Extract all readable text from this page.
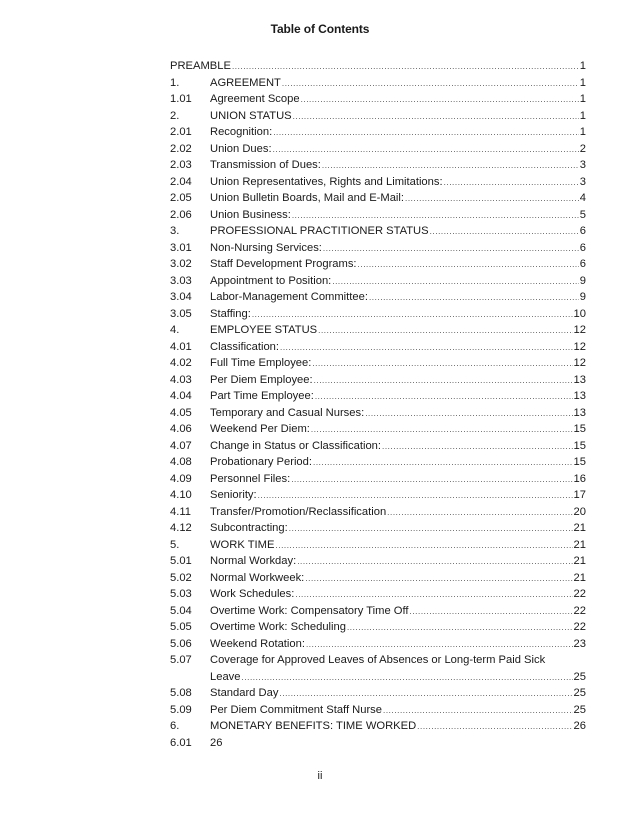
Table of Contents
PREAMBLE .....	1
1.	AGREEMENT .....	1
1.01	Agreement Scope .....	1
2.	UNION STATUS .....	1
2.01	Recognition: .....	1
2.02	Union Dues: .....	2
2.03	Transmission of Dues: .....	3
2.04	Union Representatives, Rights and Limitations: .....	3
2.05	Union Bulletin Boards, Mail and E-Mail: .....	4
2.06	Union Business: .....	5
3.	PROFESSIONAL PRACTITIONER STATUS .....	6
3.01	Non-Nursing Services: .....	6
3.02	Staff Development Programs: .....	6
3.03	Appointment to Position: .....	9
3.04	Labor-Management Committee: .....	9
3.05	Staffing: .....	10
4.	EMPLOYEE STATUS .....	12
4.01	Classification: .....	12
4.02	Full Time Employee: .....	12
4.03	Per Diem Employee: .....	13
4.04	Part Time Employee: .....	13
4.05	Temporary and Casual Nurses: .....	13
4.06	Weekend Per Diem: .....	15
4.07	Change in Status or Classification: .....	15
4.08	Probationary Period: .....	15
4.09	Personnel Files: .....	16
4.10	Seniority: .....	17
4.11	Transfer/Promotion/Reclassification .....	20
4.12	Subcontracting: .....	21
5.	WORK TIME .....	21
5.01	Normal Workday: .....	21
5.02	Normal Workweek: .....	21
5.03	Work Schedules: .....	22
5.04	Overtime Work: Compensatory Time Off .....	22
5.05	Overtime Work: Scheduling .....	22
5.06	Weekend Rotation: .....	23
5.07	Coverage for Approved Leaves of Absences or Long-term Paid Sick
Leave .....	25
5.08	Standard Day .....	25
5.09	Per Diem Commitment Staff Nurse .....	25
6.	MONETARY BENEFITS: TIME WORKED .....	26
6.01	26
ii
